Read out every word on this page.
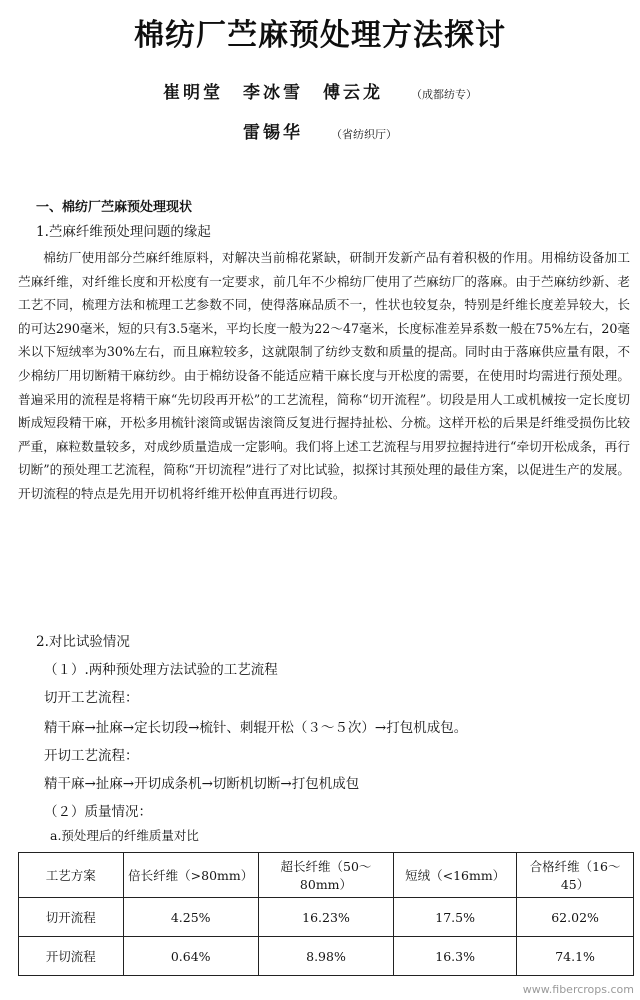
棉纺厂苎麻预处理方法探讨
崔明堂　李冰雪　傅云龙	（成都纺专）
雷锡华	（省纺织厅）
一、棉纺厂苎麻预处理现状
1.苎麻纤维预处理问题的缘起

棉纺厂使用部分苎麻纤维原料，对解决当前棉花紧缺，研制开发新产品有着积极的作用。用棉纺设备加工苎麻纤维，对纤维长度和开松度有一定要求，前几年不少棉纺厂使用了苎麻纺厂的落麻。由于苎麻纺纱新、老工艺不同，梳理方法和梳理工艺参数不同，使得落麻品质不一，性状也较复杂，特别是纤维长度差异较大，长的可达290毫米，短的只有3.5毫米，平均长度一般为22～47毫米，长度标准差异系数一般在75%左右，20毫米以下短绒率为30%左右，而且麻粒较多，这就限制了纺纱支数和质量的提高。同时由于落麻供应量有限，不少棉纺厂用切断精干麻纺纱。由于棉纺设备不能适应精干麻长度与开松度的需要，在使用时均需进行预处理。普遍采用的流程是将精干麻“先切段再开松”的工艺流程，简称“切开流程”。切段是用人工或机械按一定长度切断成短段精干麻，开松多用梳针滚筒或锯齿滚筒反复进行握持扯松、分梳。这样开松的后果是纤维受损伤比较严重，麻粒数量较多，对成纱质量造成一定影响。我们将上述工艺流程与用罗拉握持进行“牵切开松成条，再行切断”的预处理工艺流程，简称“开切流程”进行了对比试验，拟探讨其预处理的最佳方案，以促进生产的发展。开切流程的特点是先用开切机将纤维开松伸直再进行切段。

2.对比试验情况
（１）.两种预处理方法试验的工艺流程
切开工艺流程：
精干麻→扯麻→定长切段→梳针、刺辊开松（３～５次）→打包机成包。
开切工艺流程：
精干麻→扯麻→开切成条机→切断机切断→打包机成包
（２）质量情况：
a.预处理后的纤维质量对比
工艺方案	倍长纤维（>80mm）	超长纤维（50～80mm）	短绒（<16mm）	合格纤维（16～45）
切开流程	4.25%	16.23%	17.5%	62.02%
开切流程	0.64%	8.98%	16.3%	74.1%
www.fibercrops.com
